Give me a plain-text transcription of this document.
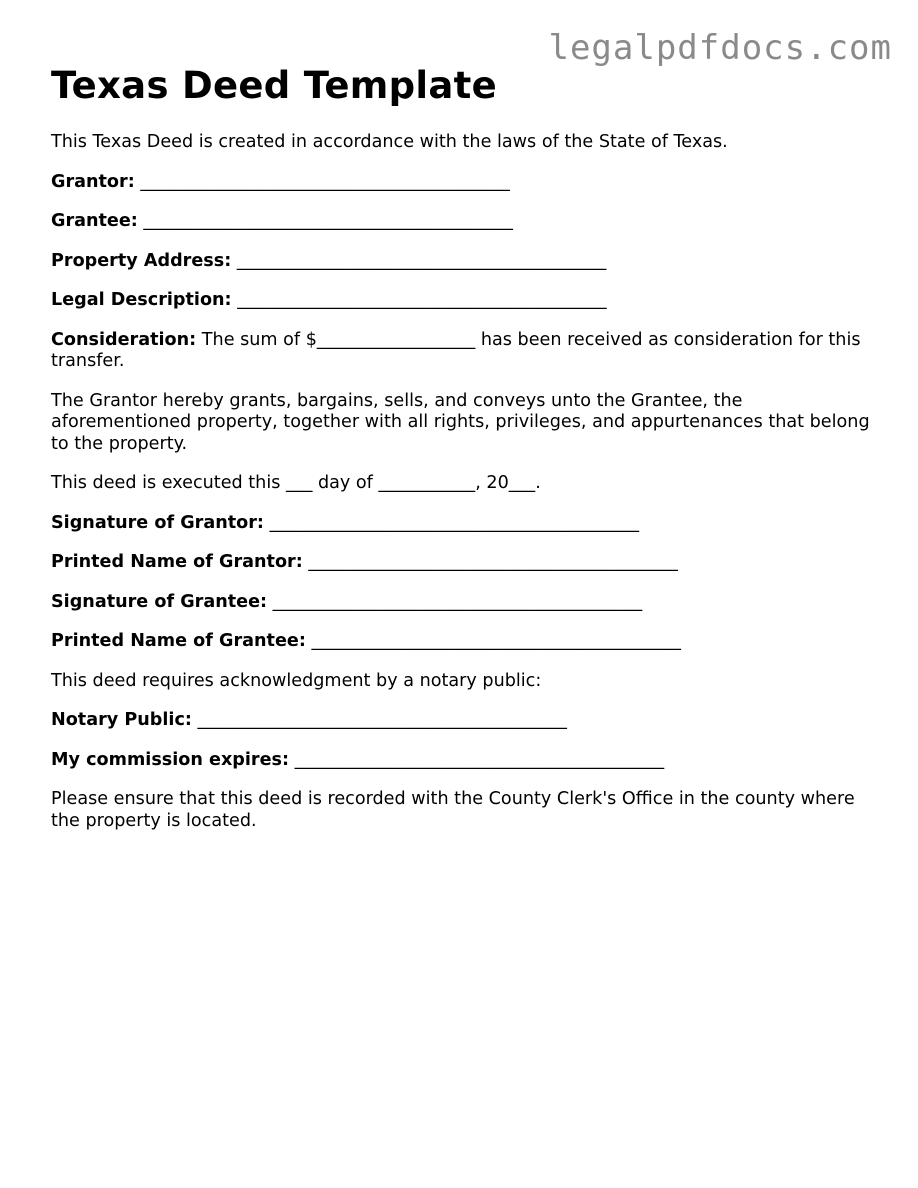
legalpdfdocs.com
Texas Deed Template

This Texas Deed is created in accordance with the laws of the State of Texas.

Grantor: __________________________________________

Grantee: __________________________________________

Property Address: __________________________________________

Legal Description: __________________________________________

Consideration: The sum of $__________________ has been received as consideration for this transfer.

The Grantor hereby grants, bargains, sells, and conveys unto the Grantee, the aforementioned property, together with all rights, privileges, and appurtenances that belong to the property.

This deed is executed this ___ day of ___________, 20___.

Signature of Grantor: __________________________________________

Printed Name of Grantor: __________________________________________

Signature of Grantee: __________________________________________

Printed Name of Grantee: __________________________________________

This deed requires acknowledgment by a notary public:

Notary Public: __________________________________________

My commission expires: __________________________________________

Please ensure that this deed is recorded with the County Clerk's Office in the county where the property is located.
